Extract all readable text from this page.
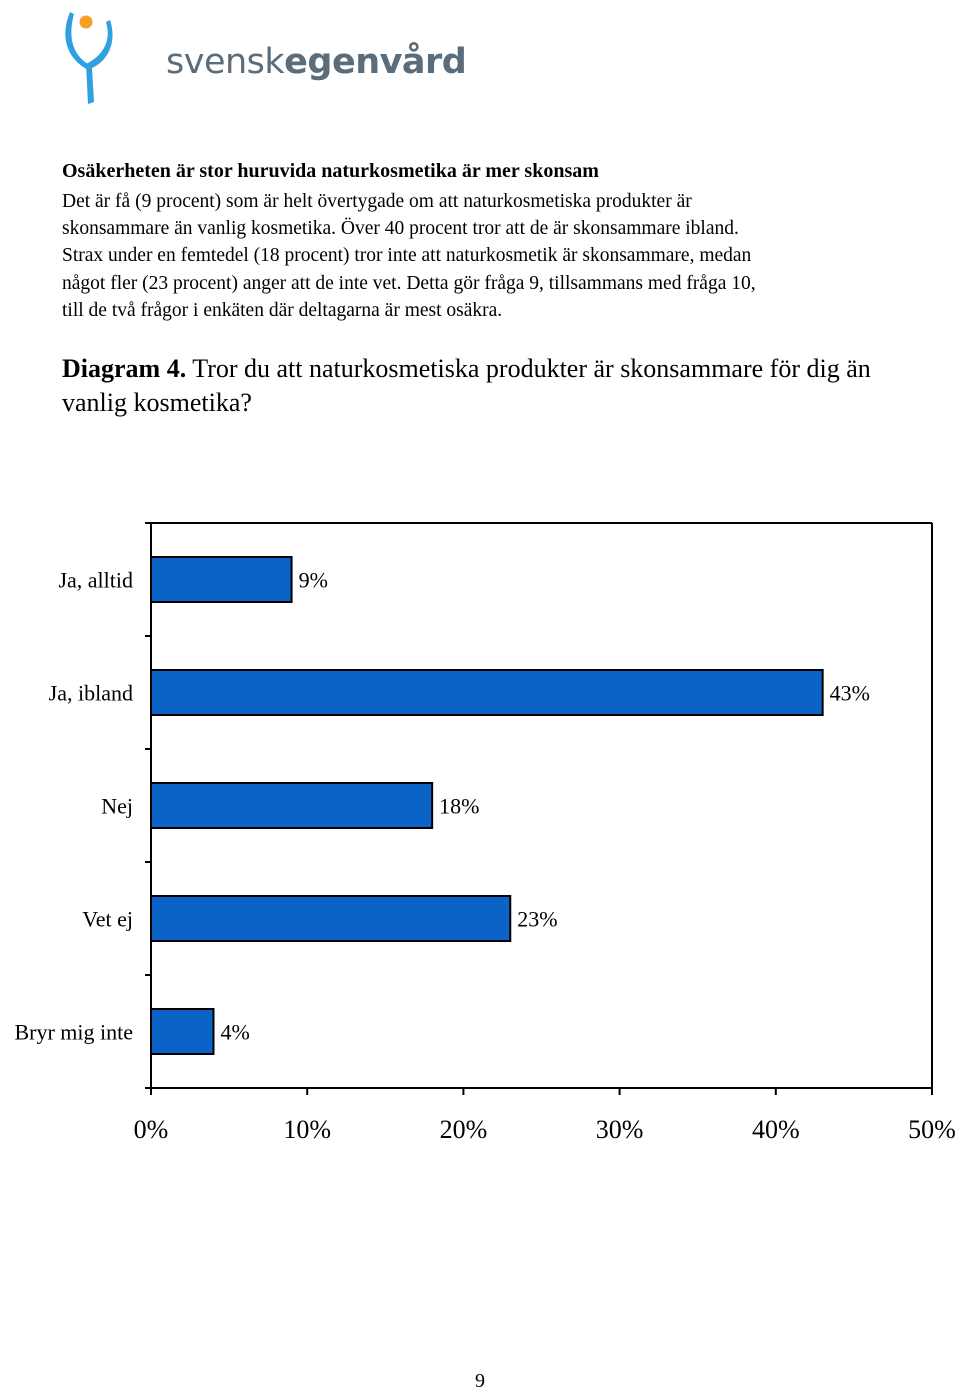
svenskegenvård
Osäkerheten är stor huruvida naturkosmetika är mer skonsam
Det är få (9 procent) som är helt övertygade om att naturkosmetiska produkter är
skonsammare än vanlig kosmetika. Över 40 procent tror att de är skonsammare ibland.
Strax under en femtedel (18 procent) tror inte att naturkosmetik är skonsammare, medan
något fler (23 procent) anger att de inte vet. Detta gör fråga 9, tillsammans med fråga 10,
till de två frågor i enkäten där deltagarna är mest osäkra.
Diagram 4. Tror du att naturkosmetiska produkter är skonsammare för dig än vanlig kosmetika?
Ja, alltid	9%
Ja, ibland	43%
Nej	18%
Vet ej	23%
Bryr mig inte	4%
0%	10%	20%	30%	40%	50%
9
